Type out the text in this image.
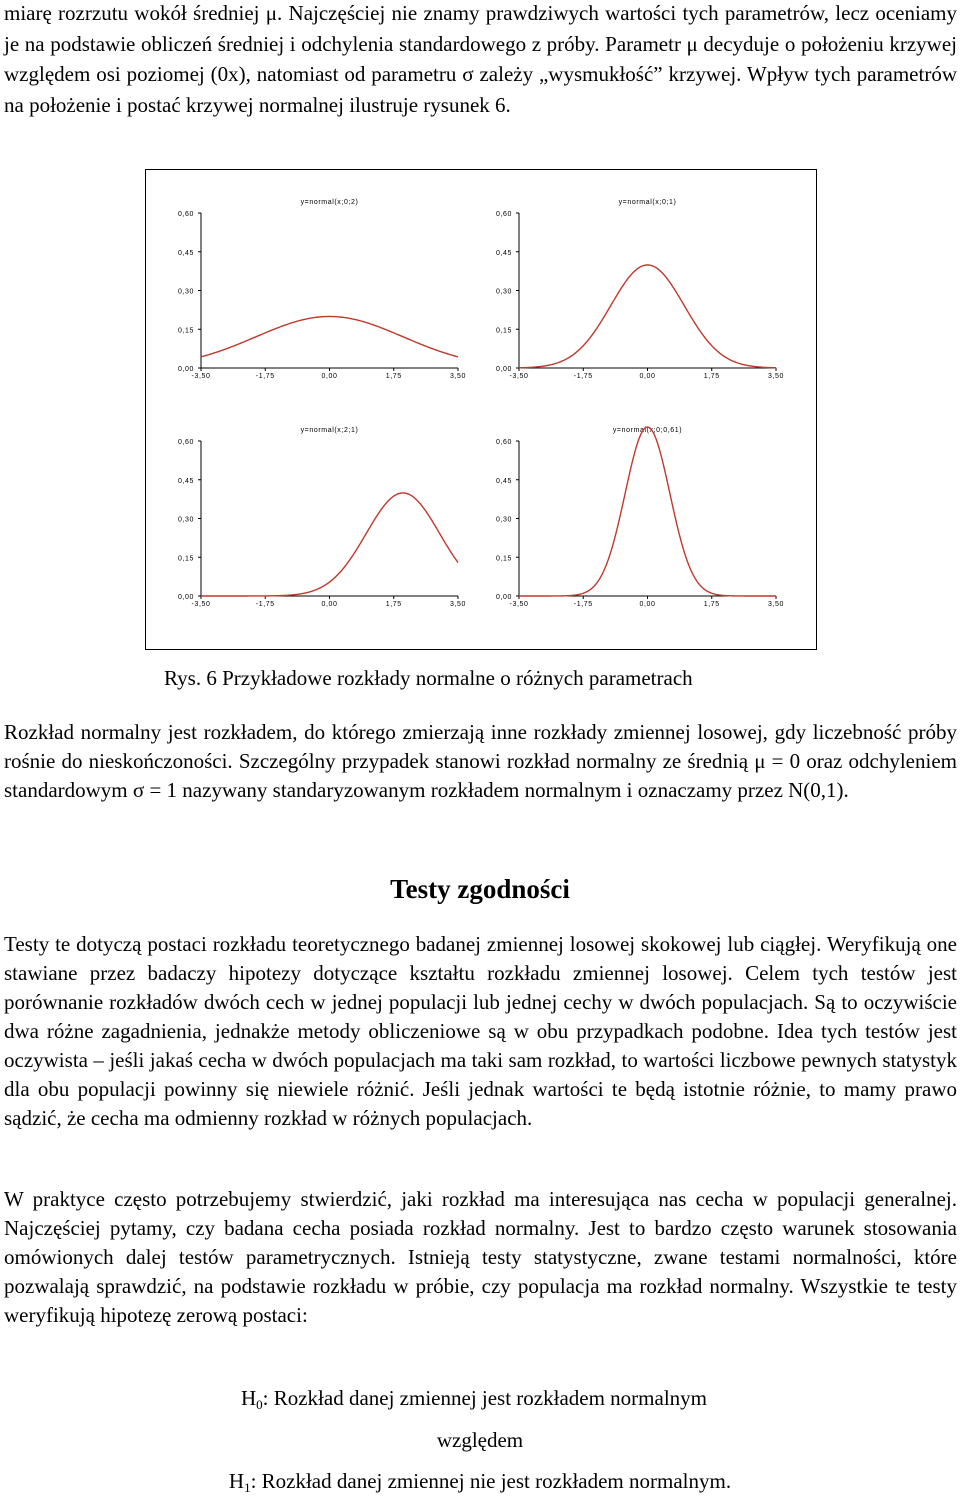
miarę rozrzutu wokół średniej μ. Najczęściej nie znamy prawdziwych wartości tych parametrów, lecz oceniamy je na podstawie obliczeń średniej i odchylenia standardowego z próby. Parametr μ decyduje o położeniu krzywej względem osi poziomej (0x), natomiast od parametru σ zależy „wysmukłość” krzywej. Wpływ tych parametrów na położenie i postać krzywej normalnej ilustruje rysunek 6.

0,00
0,15
0,30
0,45
0,60
-3,50	-1,75	0,00	1,75	3,50
y=normal(x;0;2)
0,00
0,15
0,30
0,45
0,60
-3,50	-1,75	0,00	1,75	3,50
y=normal(x;0;1)
0,00
0,15
0,30
0,45
0,60
-3,50	-1,75	0,00	1,75	3,50
y=normal(x;2;1)
0,00
0,15
0,30
0,45
0,60
-3,50	-1,75	0,00	1,75	3,50
y=normal(x;0;0,61)

Rys. 6 Przykładowe rozkłady normalne o różnych parametrach

Rozkład normalny jest rozkładem, do którego zmierzają inne rozkłady zmiennej losowej, gdy liczebność próby rośnie do nieskończoności. Szczególny przypadek stanowi rozkład normalny ze średnią μ = 0 oraz odchyleniem standardowym σ = 1 nazywany standaryzowanym rozkładem normalnym i oznaczamy przez N(0,1).

Testy zgodności

Testy te dotyczą postaci rozkładu teoretycznego badanej zmiennej losowej skokowej lub ciągłej. Weryfikują one stawiane przez badaczy hipotezy dotyczące kształtu rozkładu zmiennej losowej. Celem tych testów jest porównanie rozkładów dwóch cech w jednej populacji lub jednej cechy w dwóch populacjach. Są to oczywiście dwa różne zagadnienia, jednakże metody obliczeniowe są w obu przypadkach podobne. Idea tych testów jest oczywista – jeśli jakaś cecha w dwóch populacjach ma taki sam rozkład, to wartości liczbowe pewnych statystyk dla obu populacji powinny się niewiele różnić. Jeśli jednak wartości te będą istotnie różnie, to mamy prawo sądzić, że cecha ma odmienny rozkład w różnych populacjach.

W praktyce często potrzebujemy stwierdzić, jaki rozkład ma interesująca nas cecha w populacji generalnej. Najczęściej pytamy, czy badana cecha posiada rozkład normalny. Jest to bardzo często warunek stosowania omówionych dalej testów parametrycznych. Istnieją testy statystyczne, zwane testami normalności, które pozwalają sprawdzić, na podstawie rozkładu w próbie, czy populacja ma rozkład normalny. Wszystkie te testy weryfikują hipotezę zerową postaci:

$H_0$: Rozkład danej zmiennej jest rozkładem normalnym

względem

$H_1$: Rozkład danej zmiennej nie jest rozkładem normalnym.
